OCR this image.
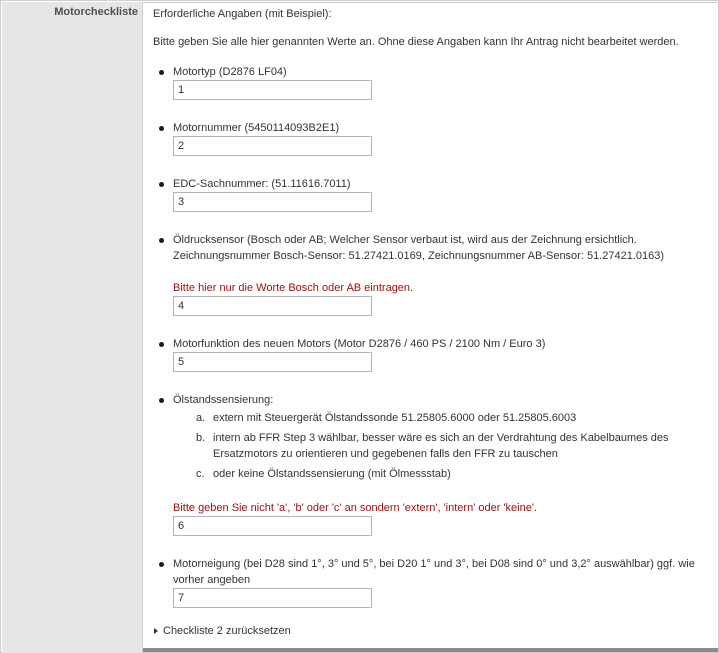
Motorcheckliste Erforderliche Angaben (mit Beispiel):
Bitte geben Sie alle hier genannten Werte an. Ohne diese Angaben kann Ihr Antrag nicht bearbeitet werden.
Motortyp (D2876 LF04)
1
Motornummer (5450114093B2E1)
2
EDC-Sachnummer: (51.11616.7011)
3
Öldrucksensor (Bosch oder AB; Welcher Sensor verbaut ist, wird aus der Zeichnung ersichtlich.
Zeichnungsnummer Bosch-Sensor: 51.27421.0169, Zeichnungsnummer AB-Sensor: 51.27421.0163)
Bitte hier nur die Worte Bosch oder AB eintragen.
4
Motorfunktion des neuen Motors (Motor D2876 / 460 PS / 2100 Nm / Euro 3)
5
Ölstandssensierung:
a. extern mit Steuergerät Ölstandssonde 51.25805.6000 oder 51.25805.6003
b. intern ab FFR Step 3 wählbar, besser wäre es sich an der Verdrahtung des Kabelbaumes des
Ersatzmotors zu orientieren und gegebenen falls den FFR zu tauschen
c. oder keine Ölstandssensierung (mit Ölmessstab)
Bitte geben Sie nicht 'a', 'b' oder 'c' an sondern 'extern', 'intern' oder 'keine'.
6
Motorneigung (bei D28 sind 1°, 3° und 5°, bei D20 1° und 3°, bei D08 sind 0° und 3,2° auswählbar) ggf. wie
vorher angeben
7
Checkliste 2 zurücksetzen
